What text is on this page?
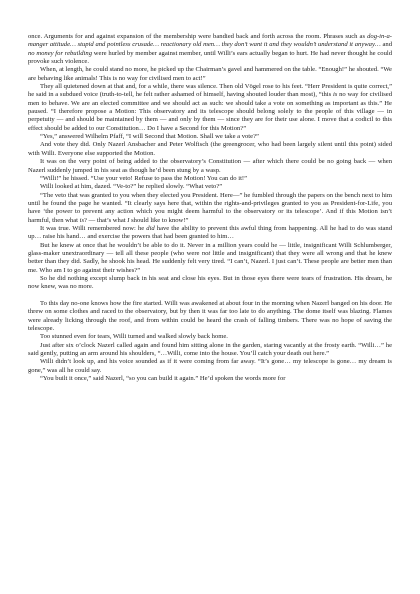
once. Arguments for and against expansion of the membership were bandied back and forth across the room. Phrases such as dog-in-a-manger attitude… stupid and pointless crusade… reactionary old men… they don’t want it and they wouldn’t understand it anyway… and no money for rebuilding were hurled by member against member, until Willi’s ears actually began to hurt. He had never thought he could provoke such violence.

When, at length, he could stand no more, he picked up the Chairman’s gavel and hammered on the table. “Enough!” he shouted. “We are behaving like animals! This is no way for civilised men to act!”

They all quietened down at that and, for a while, there was silence. Then old Vögel rose to his feet. “Herr President is quite correct,” he said in a subdued voice (truth-to-tell, he felt rather ashamed of himself, having shouted louder than most), “this is no way for civilised men to behave. We are an elected committee and we should act as such: we should take a vote on something as important as this.” He paused. “I therefore propose a Motion: This observatory and its telescope should belong solely to the people of this village — in perpetuity — and should be maintained by them — and only by them — since they are for their use alone. I move that a codicil to this effect should be added to our Constitution… Do I have a Second for this Motion?”

“Yes,” answered Wilhelm Pfaff, “I will Second that Motion. Shall we take a vote?”

And vote they did. Only Nazerl Ansbacher and Peter Wolfisch (the greengrocer, who had been largely silent until this point) sided with Willi. Everyone else supported the Motion.

It was on the very point of being added to the observatory’s Constitution — after which there could be no going back — when Nazerl suddenly jumped in his seat as though he’d been stung by a wasp.

“Willi!” he hissed. “Use your veto! Refuse to pass the Motion! You can do it!”

Willi looked at him, dazed. “Ve-to?” he replied slowly. “What veto?”

“The veto that was granted to you when they elected you President. Here—” he fumbled through the papers on the bench next to him until he found the page he wanted. “It clearly says here that, within the rights-and-privileges granted to you as President-for-Life, you have ‘the power to prevent any action which you might deem harmful to the observatory or its telescope’. And if this Motion isn’t harmful, then what is? — that’s what I should like to know!”

It was true. Willi remembered now: he did have the ability to prevent this awful thing from happening. All he had to do was stand up… raise his hand… and exercise the powers that had been granted to him…

But he knew at once that he wouldn’t be able to do it. Never in a million years could he — little, insignificant Willi Schlumberger, glass-maker unextraordinary — tell all these people (who were not little and insignificant) that they were all wrong and that he knew better than they did. Sadly, he shook his head. He suddenly felt very tired. “I can’t, Nazerl. I just can’t. These people are better men than me. Who am I to go against their wishes?”

So he did nothing except slump back in his seat and close his eyes. But in those eyes there were tears of frustration. His dream, he now knew, was no more.

To this day no-one knows how the fire started. Willi was awakened at about four in the morning when Nazerl banged on his door. He threw on some clothes and raced to the observatory, but by then it was far too late to do anything. The dome itself was blazing. Flames were already licking through the roof, and from within could be heard the crash of falling timbers. There was no hope of saving the telescope.

Too stunned even for tears, Willi turned and walked slowly back home.

Just after six o’clock Nazerl called again and found him sitting alone in the garden, staring vacantly at the frosty earth. “Willi…” he said gently, putting an arm around his shoulders, “…Willi, come into the house. You’ll catch your death out here.”

Willi didn’t look up, and his voice sounded as if it were coming from far away. “It’s gone… my telescope is gone… my dream is gone,” was all he could say.

“You built it once,” said Nazerl, “so you can build it again.” He’d spoken the words more for
